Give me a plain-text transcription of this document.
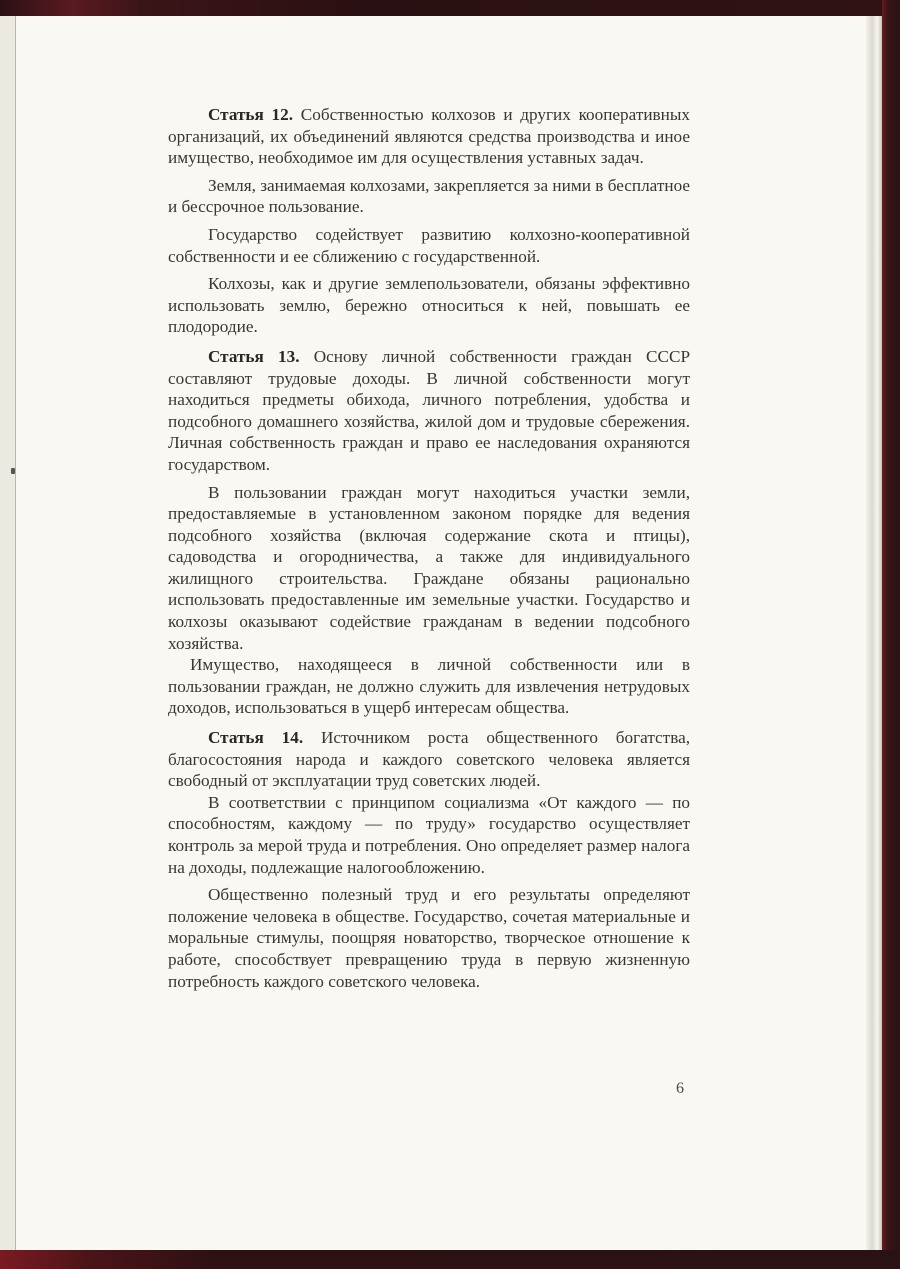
Статья 12. Собственностью колхозов и других кооперативных организаций, их объединений являются средства производства и иное имущество, необходимое им для осуществления уставных задач.

Земля, занимаемая колхозами, закрепляется за ними в бесплатное и бессрочное пользование.

Государство содействует развитию колхозно-кооперативной собственности и ее сближению с государственной.

Колхозы, как и другие землепользователи, обязаны эффективно использовать землю, бережно относиться к ней, повышать ее плодородие.

Статья 13. Основу личной собственности граждан СССР составляют трудовые доходы. В личной собственности могут находиться предметы обихода, личного потребления, удобства и подсобного домашнего хозяйства, жилой дом и трудовые сбережения. Личная собственность граждан и право ее наследования охраняются государством.

В пользовании граждан могут находиться участки земли, предоставляемые в установленном законом порядке для ведения подсобного хозяйства (включая содержание скота и птицы), садоводства и огородничества, а также для индивидуального жилищного строительства. Граждане обязаны рационально использовать предоставленные им земельные участки. Государство и колхозы оказывают содействие гражданам в ведении подсобного хозяйства.

Имущество, находящееся в личной собственности или в пользовании граждан, не должно служить для извлечения нетрудовых доходов, использоваться в ущерб интересам общества.

Статья 14. Источником роста общественного богатства, благосостояния народа и каждого советского человека является свободный от эксплуатации труд советских людей.

В соответствии с принципом социализма «От каждого — по способностям, каждому — по труду» государство осуществляет контроль за мерой труда и потребления. Оно определяет размер налога на доходы, подлежащие налогообложению.

Общественно полезный труд и его результаты определяют положение человека в обществе. Государство, сочетая материальные и моральные стимулы, поощряя новаторство, творческое отношение к работе, способствует превращению труда в первую жизненную потребность каждого советского человека.

6
